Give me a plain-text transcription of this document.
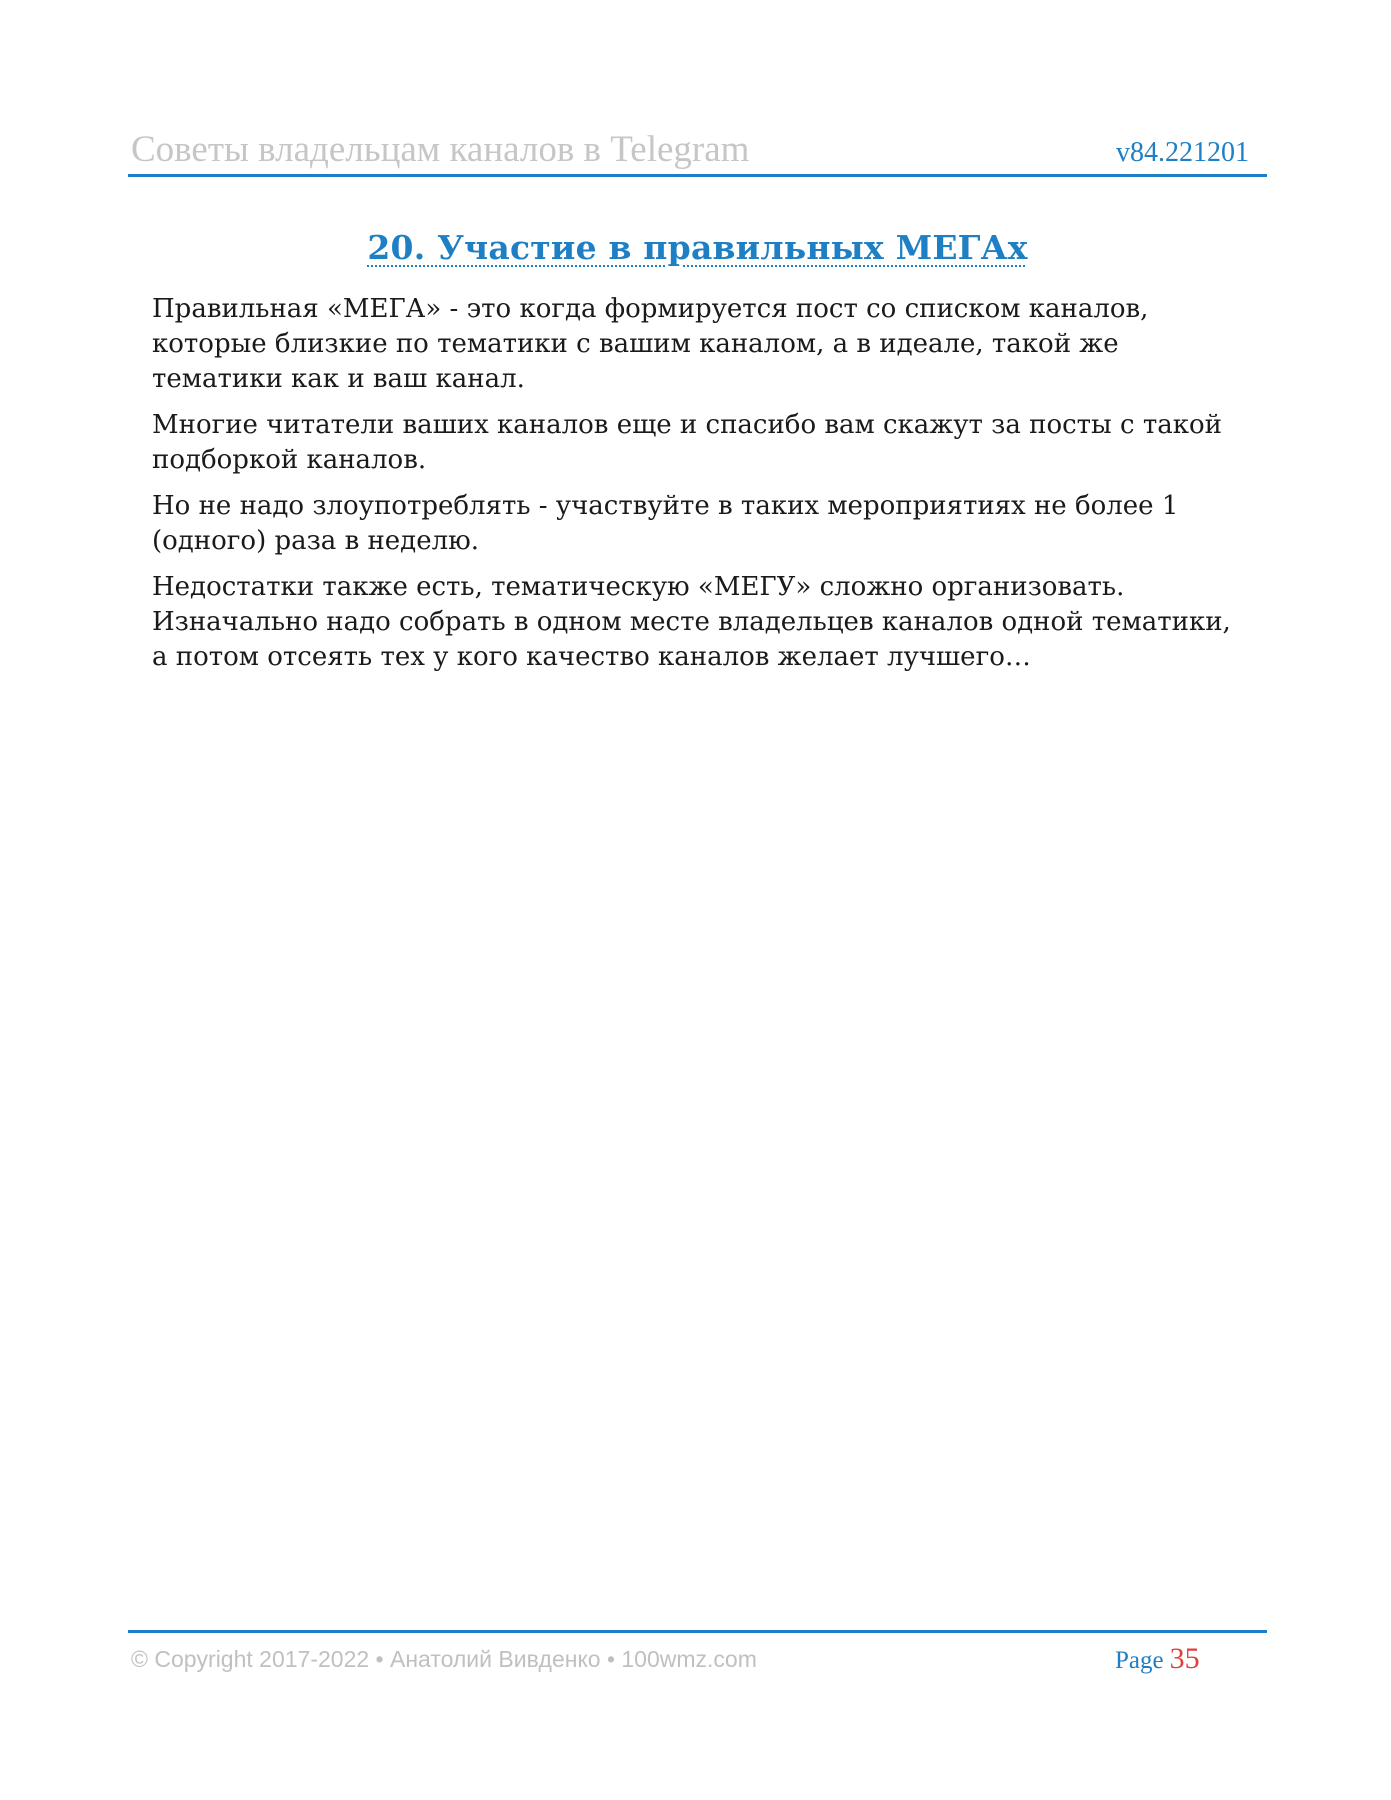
Советы владельцам каналов в Telegram	v84.221201
20. Участие в правильных МЕГАх

Правильная «МЕГА» - это когда формируется пост со списком каналов,
которые близкие по тематики с вашим каналом, а в идеале, такой же
тематики как и ваш канал.

Многие читатели ваших каналов еще и спасибо вам скажут за посты с такой
подборкой каналов.

Но не надо злоупотреблять - участвуйте в таких мероприятиях не более 1
(одного) раза в неделю.

Недостатки также есть, тематическую «МЕГУ» сложно организовать.
Изначально надо собрать в одном месте владельцев каналов одной тематики,
а потом отсеять тех у кого качество каналов желает лучшего…

© Copyright 2017-2022 • Анатолий Вивденко • 100wmz.com	Page 35
